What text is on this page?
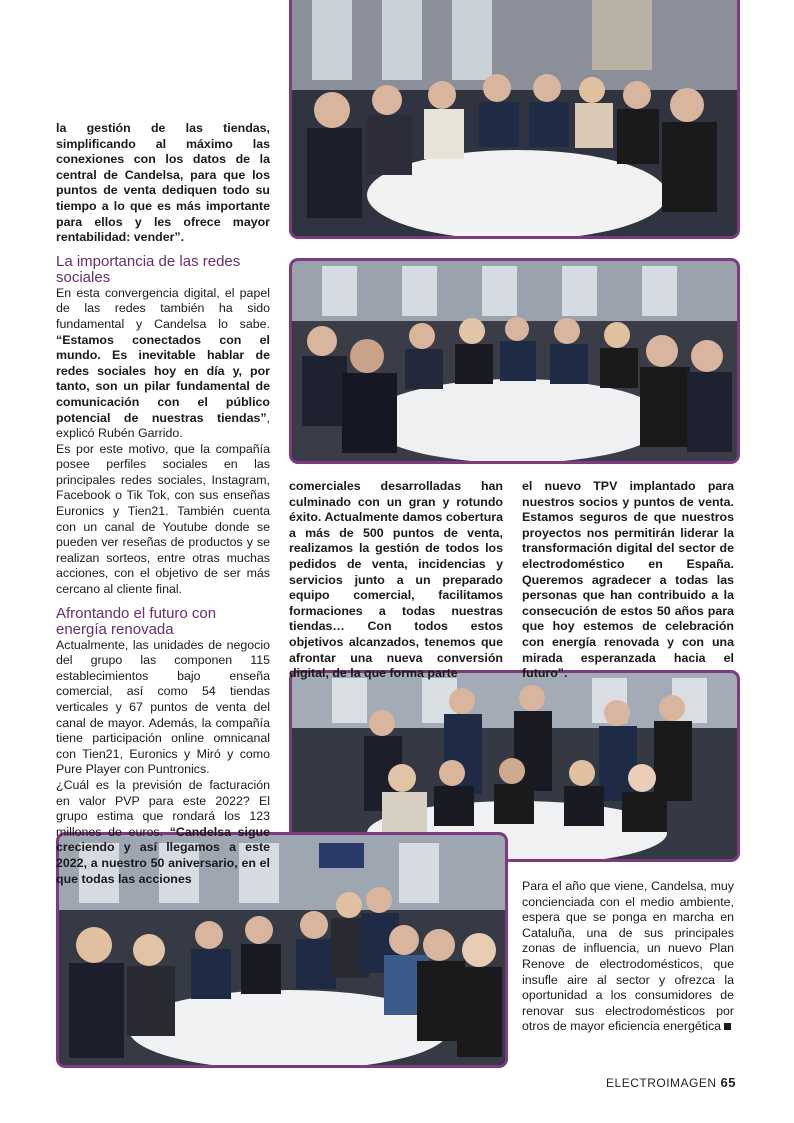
la gestión de las tiendas, simplificando al máximo las conexiones con los datos de la central de Candelsa, para que los puntos de venta dediquen todo su tiempo a lo que es más importante para ellos y les ofrece mayor rentabilidad: vender”.

La importancia de las redes sociales

En esta convergencia digital, el papel de las redes también ha sido fundamental y Candelsa lo sabe. “Estamos conectados con el mundo. Es inevitable hablar de redes sociales hoy en día y, por tanto, son un pilar fundamental de comunicación con el público potencial de nuestras tiendas”, explicó Rubén Garrido.

Es por este motivo, que la compañía posee perfiles sociales en las principales redes sociales, Instagram, Facebook o Tik Tok, con sus enseñas Euronics y Tien21. También cuenta con un canal de Youtube donde se pueden ver reseñas de productos y se realizan sorteos, entre otras muchas acciones, con el objetivo de ser más cercano al cliente final.

Afrontando el futuro con energía renovada

Actualmente, las unidades de negocio del grupo las componen 115 establecimientos bajo enseña comercial, así como 54 tiendas verticales y 67 puntos de venta del canal de mayor. Además, la compañía tiene participación online omnicanal con Tien21, Euronics y Miró y como Pure Player con Puntronics.

¿Cuál es la previsión de facturación en valor PVP para este 2022? El grupo estima que rondará los 123 millones de euros. “Candelsa sigue creciendo y así llegamos a este 2022, a nuestro 50 aniversario, en el que todas las acciones

comerciales desarrolladas han culminado con un gran y rotundo éxito. Actualmente damos cobertura a más de 500 puntos de venta, realizamos la gestión de todos los pedidos de venta, incidencias y servicios junto a un preparado equipo comercial, facilitamos formaciones a todas nuestras tiendas… Con todos estos objetivos alcanzados, tenemos que afrontar una nueva conversión digital, de la que forma parte

el nuevo TPV implantado para nuestros socios y puntos de venta. Estamos seguros de que nuestros proyectos nos permitirán liderar la transformación digital del sector de electrodoméstico en España. Queremos agradecer a todas las personas que han contribuido a la consecución de estos 50 años para que hoy estemos de celebración con energía renovada y con una mirada esperanzada hacia el futuro”.

Para el año que viene, Candelsa, muy concienciada con el medio ambiente, espera que se ponga en marcha en Cataluña, una de sus principales zonas de influencia, un nuevo Plan Renove de electrodomésticos, que insufle aire al sector y ofrezca la oportunidad a los consumidores de renovar sus electrodomésticos por otros de mayor eficiencia energética

ELECTROIMAGEN 65
